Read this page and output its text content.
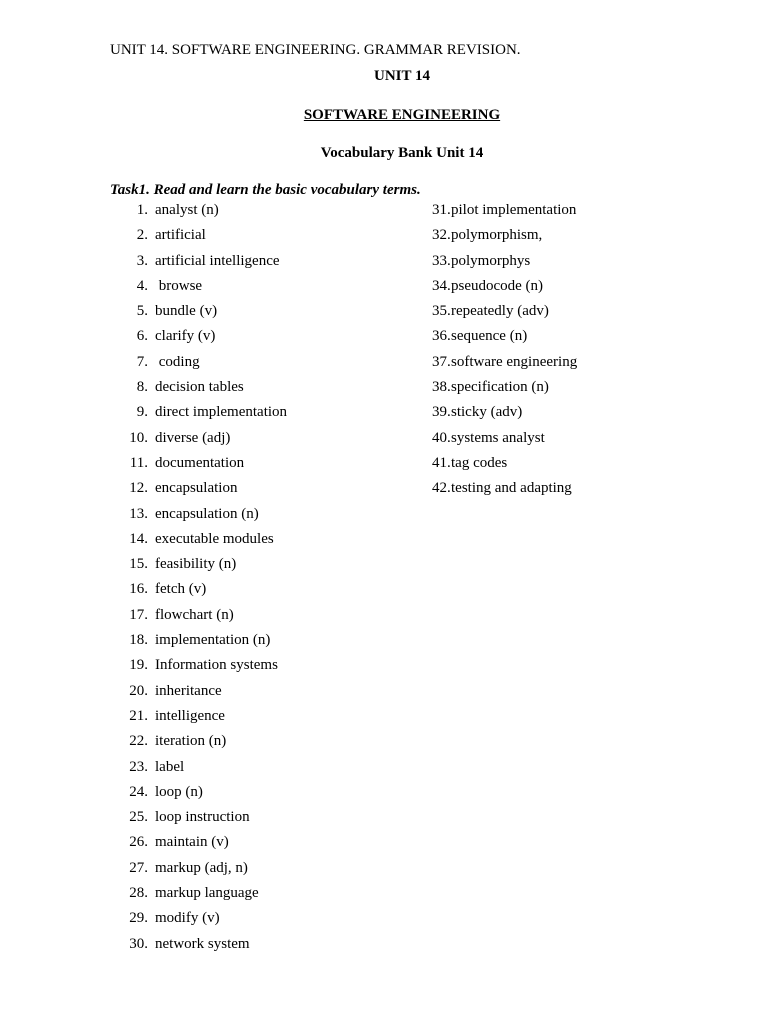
UNIT 14. SOFTWARE ENGINEERING. GRAMMAR REVISION.
UNIT 14
SOFTWARE ENGINEERING
Vocabulary Bank Unit 14
Task1. Read and learn the basic vocabulary terms.
1. analyst (n)
2. artificial
3. artificial intelligence
4. browse
5. bundle (v)
6. clarify (v)
7. coding
8. decision tables
9. direct implementation
10. diverse (adj)
11. documentation
12. encapsulation
13. encapsulation (n)
14. executable modules
15. feasibility (n)
16. fetch (v)
17. flowchart (n)
18. implementation (n)
19. Information systems
20. inheritance
21. intelligence
22. iteration (n)
23. label
24. loop (n)
25. loop instruction
26. maintain (v)
27. markup (adj, n)
28. markup language
29. modify (v)
30. network system
31.pilot implementation
32.polymorphism,
33.polymorphys
34.pseudocode (n)
35.repeatedly (adv)
36.sequence (n)
37.software engineering
38.specification (n)
39.sticky (adv)
40.systems analyst
41.tag codes
42.testing and adapting
